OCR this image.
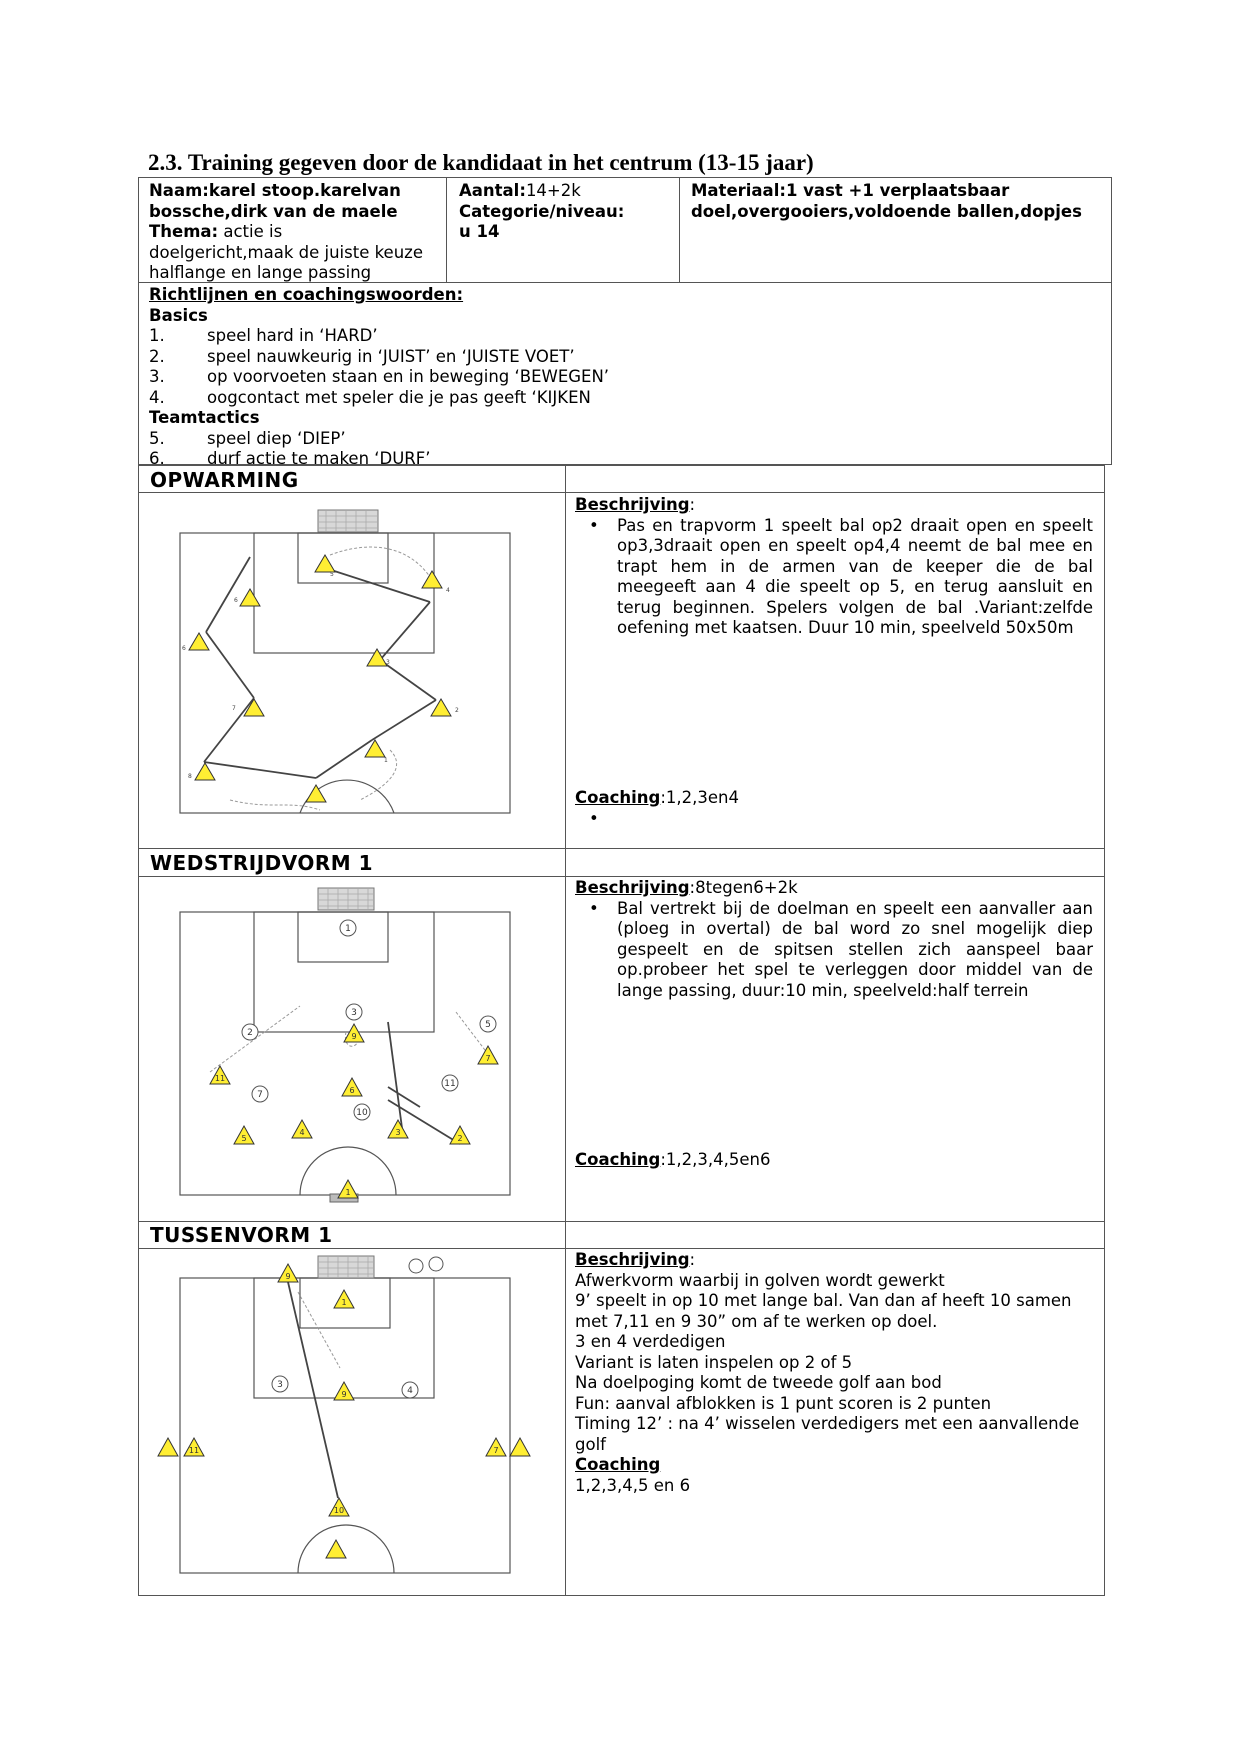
2.3. Training gegeven door de kandidaat in het centrum (13-15 jaar)
Naam:karel stoop.karelvan
bossche,dirk van de maele
Thema: actie is
doelgericht,maak de juiste keuze
halflange en lange passing
Aantal:14+2k
Categorie/niveau:
u 14
Materiaal:1 vast +1 verplaatsbaar
doel,overgooiers,voldoende ballen,dopjes
Richtlijnen en coachingswoorden:
Basics
1.	speel hard in ‘HARD’
2.	speel nauwkeurig in ‘JUIST’ en ‘JUISTE VOET’
3.	op voorvoeten staan en in beweging ‘BEWEGEN’
4.	oogcontact met speler die je pas geeft ‘KIJKEN
Teamtactics
5.	speel diep ‘DIEP’
6.	durf actie te maken ‘DURF’
OPWARMING
4
3
2
1
6
7
8
6
5
Beschrijving:
• Pas en trapvorm 1 speelt bal op2 draait open en speelt op3,3draait open en speelt op4,4 neemt de bal mee en trapt hem in de armen van de keeper die de bal meegeeft aan 4 die speelt op 5, en terug aansluit en terug beginnen. Spelers volgen de bal .Variant:zelfde oefening met kaatsen. Duur 10 min, speelveld 50x50m
Coaching:1,2,3en4
•
WEDSTRIJDVORM 1
1
3
2
5
7
11
10
9
7
11
6
5
4	3
2
1
Beschrijving:8tegen6+2k
• Bal vertrekt bij de doelman en speelt een aanvaller aan (ploeg in overtal) de bal word zo snel mogelijk diep gespeelt en de spitsen stellen zich aanspeel baar op.probeer het spel te verleggen door middel van de lange passing, duur:10 min, speelveld:half terrein
Coaching:1,2,3,4,5en6
TUSSENVORM 1
3
4
9
1
9
11	7
10
Beschrijving:
Afwerkvorm waarbij in golven wordt gewerkt
9’ speelt in op 10 met lange bal. Van dan af heeft 10 samen
met 7,11 en 9 30” om af te werken op doel.
3 en 4 verdedigen
Variant is laten inspelen op 2 of 5
Na doelpoging komt de tweede golf aan bod
Fun: aanval afblokken is 1 punt scoren is 2 punten
Timing 12’ : na 4’ wisselen verdedigers met een aanvallende
golf
Coaching
1,2,3,4,5 en 6
